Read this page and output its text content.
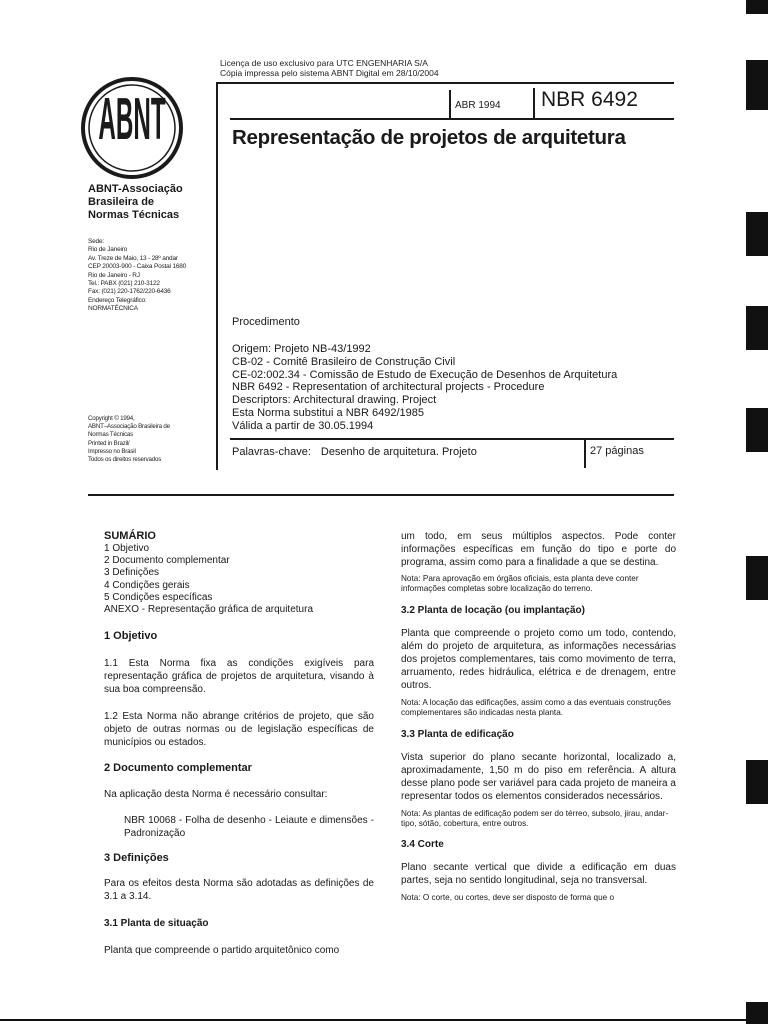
Licença de uso exclusivo para UTC ENGENHARIA S/A
Cópia impressa pelo sistema ABNT Digital em 28/10/2004
ABNT
ABNT-Associação
Brasileira de
Normas Técnicas
Sede:
Rio de Janeiro
Av. Treze de Maio, 13 - 28º andar
CEP 20003-900 - Caixa Postal 1680
Rio de Janeiro - RJ
Tel.: PABX (021) 210-3122
Fax: (021) 220-1762/220-6436
Endereço Telegráfico:
NORMATÉCNICA
Copyright © 1994,
ABNT–Associação Brasileira de
Normas Técnicas
Printed in Brazil/
Impresso no Brasil
Todos os direitos reservados
ABR 1994 NBR 6492
Representação de projetos de arquitetura
Procedimento
Origem: Projeto NB-43/1992
CB-02 - Comitê Brasileiro de Construção Civil
CE-02:002.34 - Comissão de Estudo de Execução de Desenhos de Arquitetura
NBR 6492 - Representation of architectural projects - Procedure
Descriptors: Architectural drawing. Project
Esta Norma substitui a NBR 6492/1985
Válida a partir de 30.05.1994
Palavras-chave: Desenho de arquitetura. Projeto	27 páginas
SUMÁRIO
1 Objetivo
2 Documento complementar
3 Definições
4 Condições gerais
5 Condições específicas
ANEXO - Representação gráfica de arquitetura
1 Objetivo

1.1 Esta Norma fixa as condições exigíveis para representação gráfica de projetos de arquitetura, visando à sua boa compreensão.

1.2 Esta Norma não abrange critérios de projeto, que são objeto de outras normas ou de legislação específicas de municípios ou estados.

2 Documento complementar

Na aplicação desta Norma é necessário consultar:

NBR 10068 - Folha de desenho - Leiaute e dimensões - Padronização

3 Definições

Para os efeitos desta Norma são adotadas as definições de 3.1 a 3.14.

3.1 Planta de situação

Planta que compreende o partido arquitetônico como

um todo, em seus múltiplos aspectos. Pode conter informações específicas em função do tipo e porte do programa, assim como para a finalidade a que se destina.

Nota: Para aprovação em órgãos oficiais, esta planta deve conter informações completas sobre localização do terreno.
3.2 Planta de locação (ou implantação)

Planta que compreende o projeto como um todo, contendo, além do projeto de arquitetura, as informações necessárias dos projetos complementares, tais como movimento de terra, arruamento, redes hidráulica, elétrica e de drenagem, entre outros.

Nota: A locação das edificações, assim como a das eventuais construções complementares são indicadas nesta planta.
3.3 Planta de edificação

Vista superior do plano secante horizontal, localizado a, aproximadamente, 1,50 m do piso em referência. A altura desse plano pode ser variável para cada projeto de maneira a representar todos os elementos considerados necessários.

Nota: As plantas de edificação podem ser do térreo, subsolo, jirau, andar-tipo, sótão, cobertura, entre outros.
3.4 Corte

Plano secante vertical que divide a edificação em duas partes, seja no sentido longitudinal, seja no transversal.

Nota: O corte, ou cortes, deve ser disposto de forma que o
